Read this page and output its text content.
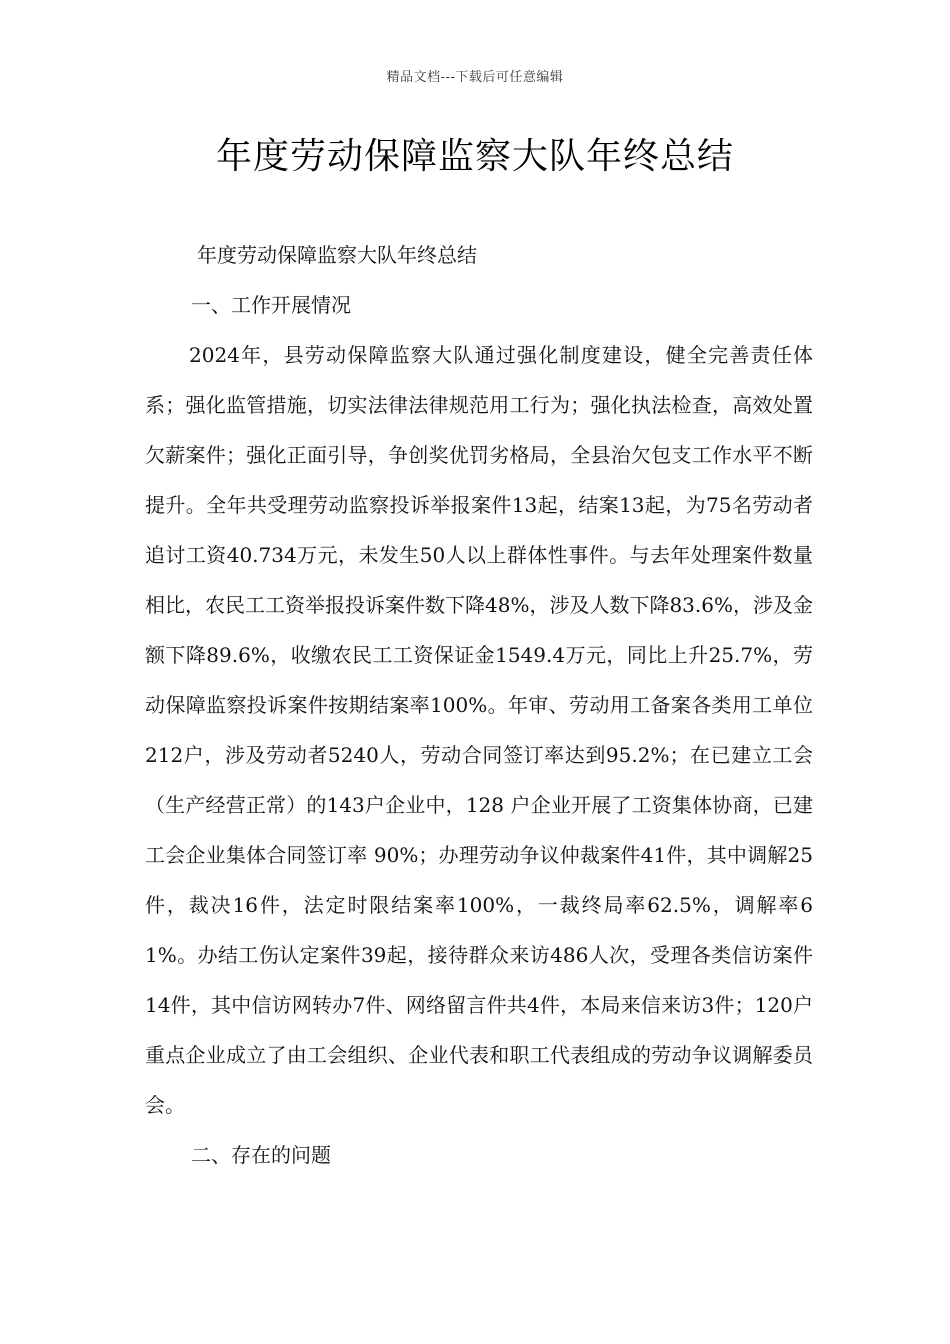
精品文档---下载后可任意编辑
年度劳动保障监察大队年终总结

年度劳动保障监察大队年终总结

一、工作开展情况

2024年，县劳动保障监察大队通过强化制度建设，健全完善责任体系；强化监管措施，切实法律法律规范用工行为；强化执法检查，高效处置欠薪案件；强化正面引导，争创奖优罚劣格局，全县治欠包支工作水平不断提升。全年共受理劳动监察投诉举报案件13起，结案13起，为75名劳动者追讨工资40.734万元，未发生50人以上群体性事件。与去年处理案件数量相比，农民工工资举报投诉案件数下降48%，涉及人数下降83.6%，涉及金额下降89.6%，收缴农民工工资保证金1549.4万元，同比上升25.7%，劳动保障监察投诉案件按期结案率100%。年审、劳动用工备案各类用工单位212户，涉及劳动者5240人，劳动合同签订率达到95.2%；在已建立工会（生产经营正常）的143户企业中，128 户企业开展了工资集体协商，已建工会企业集体合同签订率 90%；办理劳动争议仲裁案件41件，其中调解25件，裁决16件，法定时限结案率100%，一裁终局率62.5%，调解率61%。办结工伤认定案件39起，接待群众来访486人次，受理各类信访案件14件，其中信访网转办7件、网络留言件共4件，本局来信来访3件；120户重点企业成立了由工会组织、企业代表和职工代表组成的劳动争议调解委员会。

二、存在的问题
